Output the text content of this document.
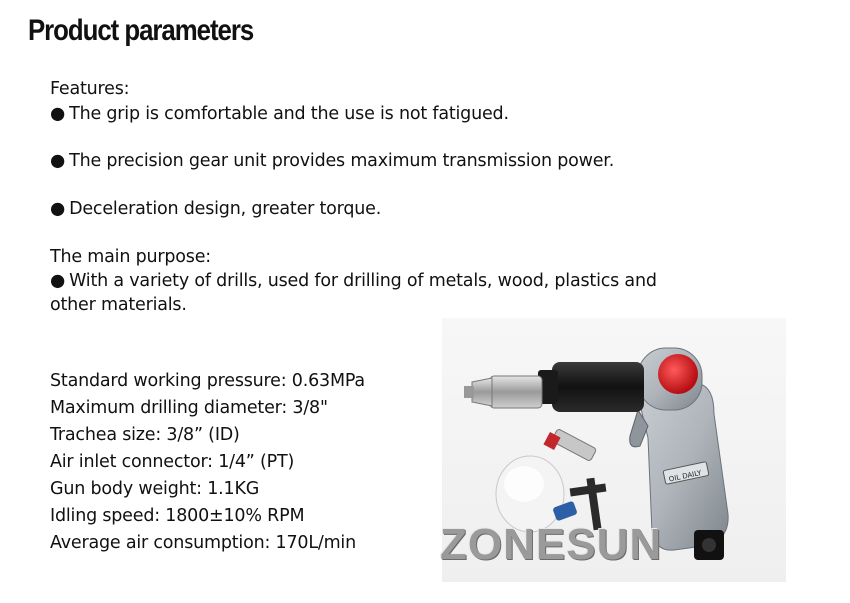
Product parameters
Features:
● The grip is comfortable and the use is not fatigued.
● The precision gear unit provides maximum transmission power.
● Deceleration design, greater torque.
The main purpose:
● With a variety of drills, used for drilling of metals, wood, plastics and
other materials.
Standard working pressure: 0.63MPa
Maximum drilling diameter: 3/8"
Trachea size: 3/8” (ID)
Air inlet connector: 1/4” (PT)
Gun body weight: 1.1KG
Idling speed: 1800±10% RPM
Average air consumption: 170L/min
OIL DAILY
ZONESUN
